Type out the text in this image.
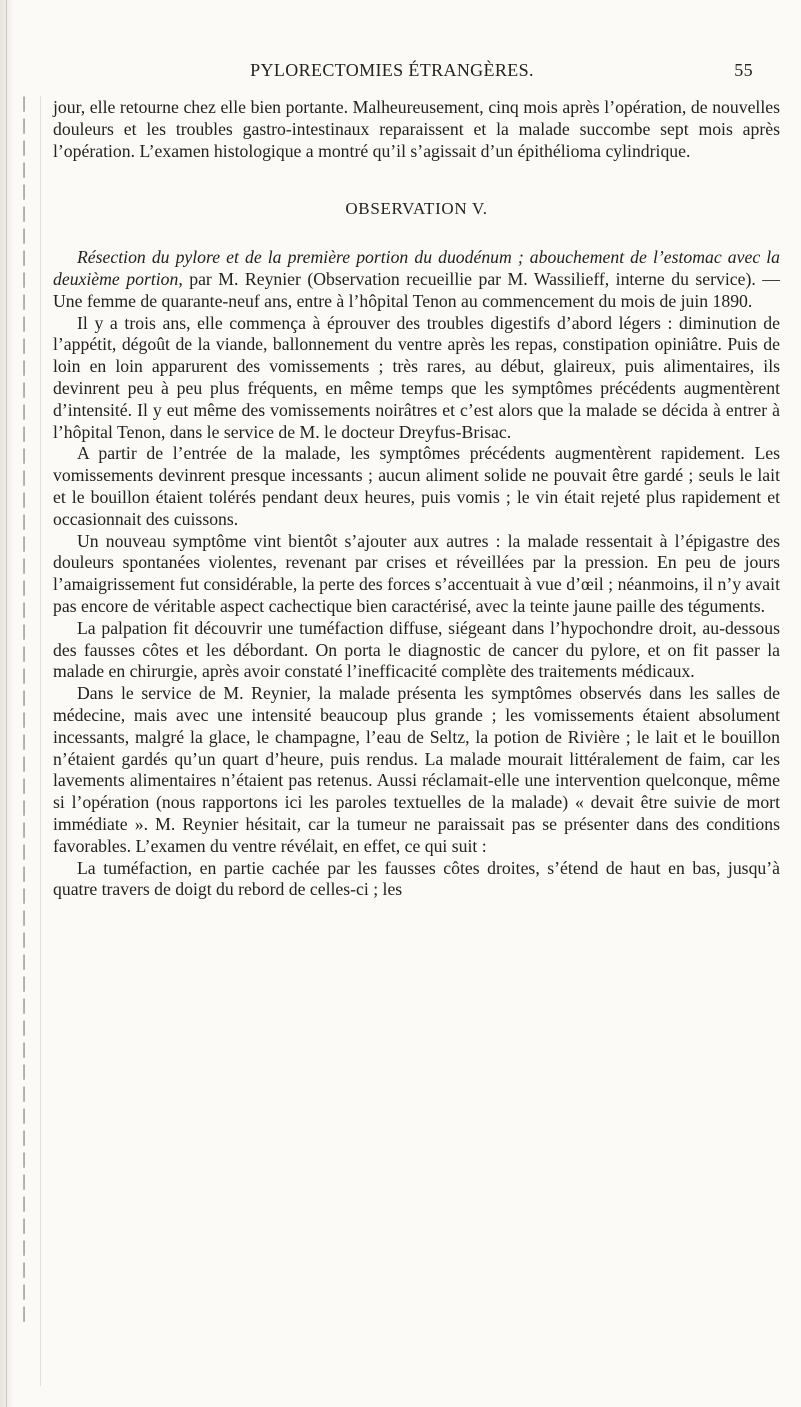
PYLORECTOMIES ÉTRANGÈRES.	55

jour, elle retourne chez elle bien portante. Malheureusement, cinq mois après l’opération, de nouvelles douleurs et les troubles gastro-intestinaux reparaissent et la malade succombe sept mois après l’opération. L’examen histologique a montré qu’il s’agissait d’un épithélioma cylindrique.

OBSERVATION V.

Résection du pylore et de la première portion du duodénum ; abouchement de l’estomac avec la deuxième portion, par M. Reynier (Observation recueillie par M. Wassilieff, interne du service). — Une femme de quarante-neuf ans, entre à l’hôpital Tenon au commencement du mois de juin 1890.

Il y a trois ans, elle commença à éprouver des troubles digestifs d’abord légers : diminution de l’appétit, dégoût de la viande, ballonnement du ventre après les repas, constipation opiniâtre. Puis de loin en loin apparurent des vomissements ; très rares, au début, glaireux, puis alimentaires, ils devinrent peu à peu plus fréquents, en même temps que les symptômes précédents augmentèrent d’intensité. Il y eut même des vomissements noirâtres et c’est alors que la malade se décida à entrer à l’hôpital Tenon, dans le service de M. le docteur Dreyfus-Brisac.

A partir de l’entrée de la malade, les symptômes précédents augmentèrent rapidement. Les vomissements devinrent presque incessants ; aucun aliment solide ne pouvait être gardé ; seuls le lait et le bouillon étaient tolérés pendant deux heures, puis vomis ; le vin était rejeté plus rapidement et occasionnait des cuissons.

Un nouveau symptôme vint bientôt s’ajouter aux autres : la malade ressentait à l’épigastre des douleurs spontanées violentes, revenant par crises et réveillées par la pression. En peu de jours l’amaigrissement fut considérable, la perte des forces s’accentuait à vue d’œil ; néanmoins, il n’y avait pas encore de véritable aspect cachectique bien caractérisé, avec la teinte jaune paille des téguments.

La palpation fit découvrir une tuméfaction diffuse, siégeant dans l’hypochondre droit, au-dessous des fausses côtes et les débordant. On porta le diagnostic de cancer du pylore, et on fit passer la malade en chirurgie, après avoir constaté l’inefficacité complète des traitements médicaux.

Dans le service de M. Reynier, la malade présenta les symptômes observés dans les salles de médecine, mais avec une intensité beaucoup plus grande ; les vomissements étaient absolument incessants, malgré la glace, le champagne, l’eau de Seltz, la potion de Rivière ; le lait et le bouillon n’étaient gardés qu’un quart d’heure, puis rendus. La malade mourait littéralement de faim, car les lavements alimentaires n’étaient pas retenus. Aussi réclamait-elle une intervention quelconque, même si l’opération (nous rapportons ici les paroles textuelles de la malade) « devait être suivie de mort immédiate ». M. Reynier hésitait, car la tumeur ne paraissait pas se présenter dans des conditions favorables. L’examen du ventre révélait, en effet, ce qui suit :

La tuméfaction, en partie cachée par les fausses côtes droites, s’étend de haut en bas, jusqu’à quatre travers de doigt du rebord de celles-ci ; les

|
|
|
|
|
|
|
|
|
|
|
|
|
|
|
|
|
|
|
|
|
|
|
|
|
|
|
|
|
|
|
|
|
|
|
|
|
|
|
|
|
|
|
|
|
|
|
|
|
|
|
|
|
|
|
|
